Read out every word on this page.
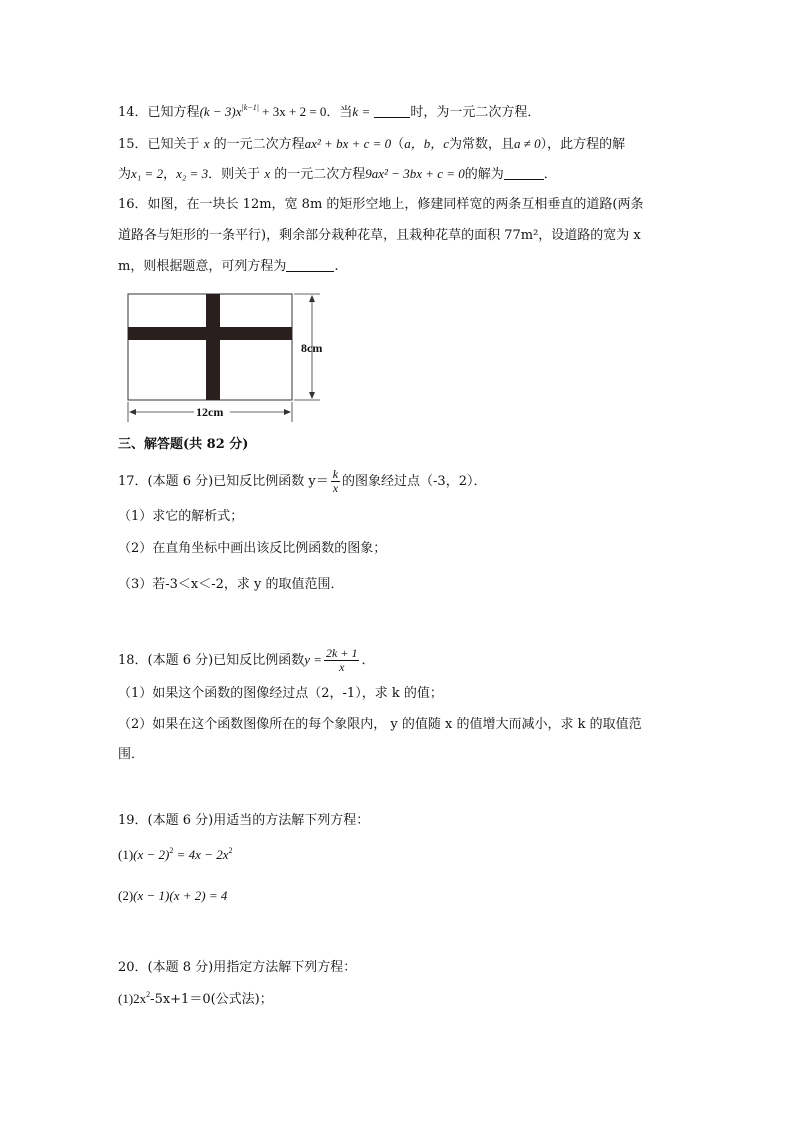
14．已知方程$(k - 3)x^{|k-1|} + 3x + 2 = 0$．当k =	时，为一元二次方程．
15．已知关于 x 的一元二次方程ax² + bx + c = 0（a，b，c为常数，且a ≠ 0），此方程的解
为x₁ = 2，x₂ = 3．则关于 x 的一元二次方程9ax² − 3bx + c = 0的解为	．
16．如图，在一块长 12m，宽 8m 的矩形空地上，修建同样宽的两条互相垂直的道路(两条
道路各与矩形的一条平行)，剩余部分栽种花草，且栽种花草的面积 77m²，设道路的宽为 x
m，则根据题意，可列方程为	.
8cm
12cm
三、解答题(共 82 分)
17．(本题 6 分)已知反比例函数 $y= \frac{k}{x}$ 的图象经过点（-3，2）．
（1）求它的解析式；
（2）在直角坐标中画出该反比例函数的图象；
（3）若-3＜x＜-2，求 y 的取值范围．
18．(本题 6 分)已知反比例函数$y = \frac{2k + 1}{x}$ ．
（1）如果这个函数的图像经过点（2，-1），求 k 的值；
（2）如果在这个函数图像所在的每个象限内， y 的值随 x 的值增大而减小，求 k 的取值范
围．
19．(本题 6 分)用适当的方法解下列方程：
$(1)(x - 2)^2 = 4x - 2x^2$
(2)(x − 1)(x + 2) = 4
20．(本题 8 分)用指定方法解下列方程：
$(1)2x^2-5x+1=0$(公式法)；
